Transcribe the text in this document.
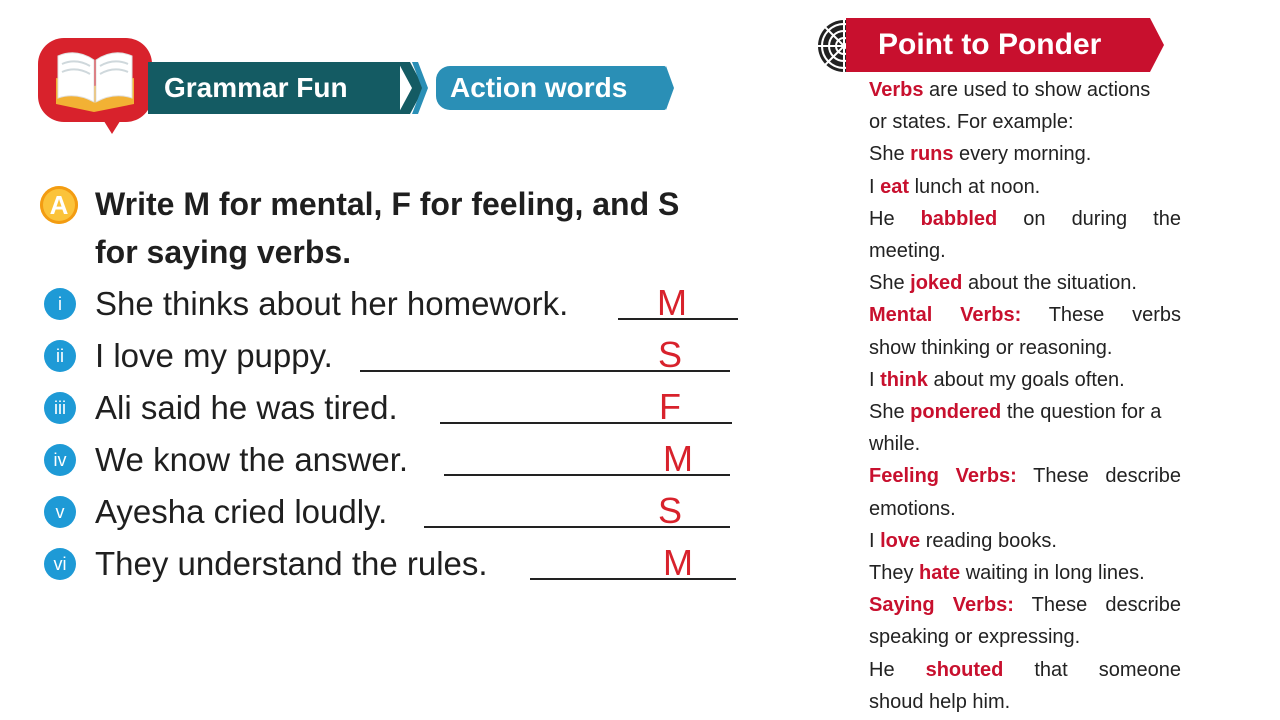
Grammar Fun	Action words
A Write M for mental, F for feeling, and S
for saying verbs.
i	She thinks about her homework. M
ii I love my puppy.	S
iii Ali said he was tired.	F
iv We know the answer.	M
v Ayesha cried loudly.	S
vi They understand the rules.	M
Point to Ponder
Verbs are used to show actions
or states. For example:
She runs every morning.
I eat lunch at noon.
He babbled on during the
meeting.
She joked about the situation.
Mental Verbs: These verbs
show thinking or reasoning.
I think about my goals often.
She pondered the question for a
while.
Feeling Verbs: These describe
emotions.
I love reading books.
They hate waiting in long lines.
Saying Verbs: These describe
speaking or expressing.
He shouted that someone
shoud help him.
